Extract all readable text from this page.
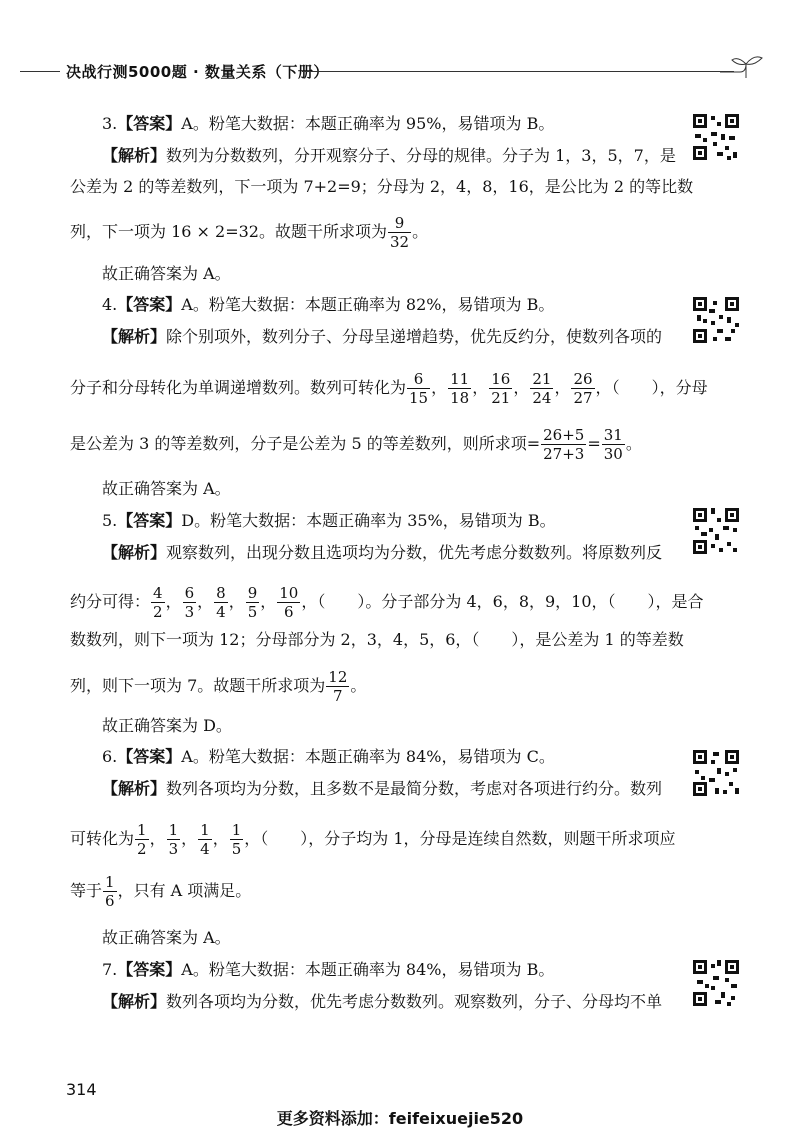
决战行测5000题 · 数量关系（下册）
3.【答案】A。粉笔大数据：本题正确率为 95%，易错项为 B。
【解析】数列为分数数列，分开观察分子、分母的规律。分子为 1，3，5，7，是
公差为 2 的等差数列，下一项为 7+2=9；分母为 2，4，8，16，是公比为 2 的等比数
列，下一项为 16 × 2=32。故题干所求项为 $\frac{9}{32}$ 。
故正确答案为 A。
4.【答案】A。粉笔大数据：本题正确率为 82%，易错项为 B。
【解析】除个别项外，数列分子、分母呈递增趋势，优先反约分，使数列各项的
分子和分母转化为单调递增数列。数列可转化为 $\frac{6}{15}$ ， $\frac{11}{18}$ ， $\frac{16}{21}$ ， $\frac{21}{24}$ ， $\frac{26}{27}$ ，（　　），分母
是公差为 3 的等差数列，分子是公差为 5 的等差数列，则所求项= $\frac{26+5}{27+3} = \frac{31}{30}$ 。
故正确答案为 A。
5.【答案】D。粉笔大数据：本题正确率为 35%，易错项为 B。
【解析】观察数列，出现分数且选项均为分数，优先考虑分数数列。将原数列反
约分可得： $\frac{4}{2}$ ， $\frac{6}{3}$ ， $\frac{8}{4}$ ， $\frac{9}{5}$ ， $\frac{10}{6}$ ，（　　）。分子部分为 4，6，8，9，10，（　　），是合
数数列，则下一项为 12；分母部分为 2，3，4，5，6，（　　），是公差为 1 的等差数
列，则下一项为 7。故题干所求项为 $\frac{12}{7}$ 。
故正确答案为 D。
6.【答案】A。粉笔大数据：本题正确率为 84%，易错项为 C。
【解析】数列各项均为分数，且多数不是最简分数，考虑对各项进行约分。数列
可转化为 $\frac{1}{2}$ ， $\frac{1}{3}$ ， $\frac{1}{4}$ ， $\frac{1}{5}$ ，（　　），分子均为 1，分母是连续自然数，则题干所求项应
等于 $\frac{1}{6}$ ，只有 A 项满足。
故正确答案为 A。
7.【答案】A。粉笔大数据：本题正确率为 84%，易错项为 B。
【解析】数列各项均为分数，优先考虑分数数列。观察数列，分子、分母均不单
314
更多资料添加：feifeixuejie520
